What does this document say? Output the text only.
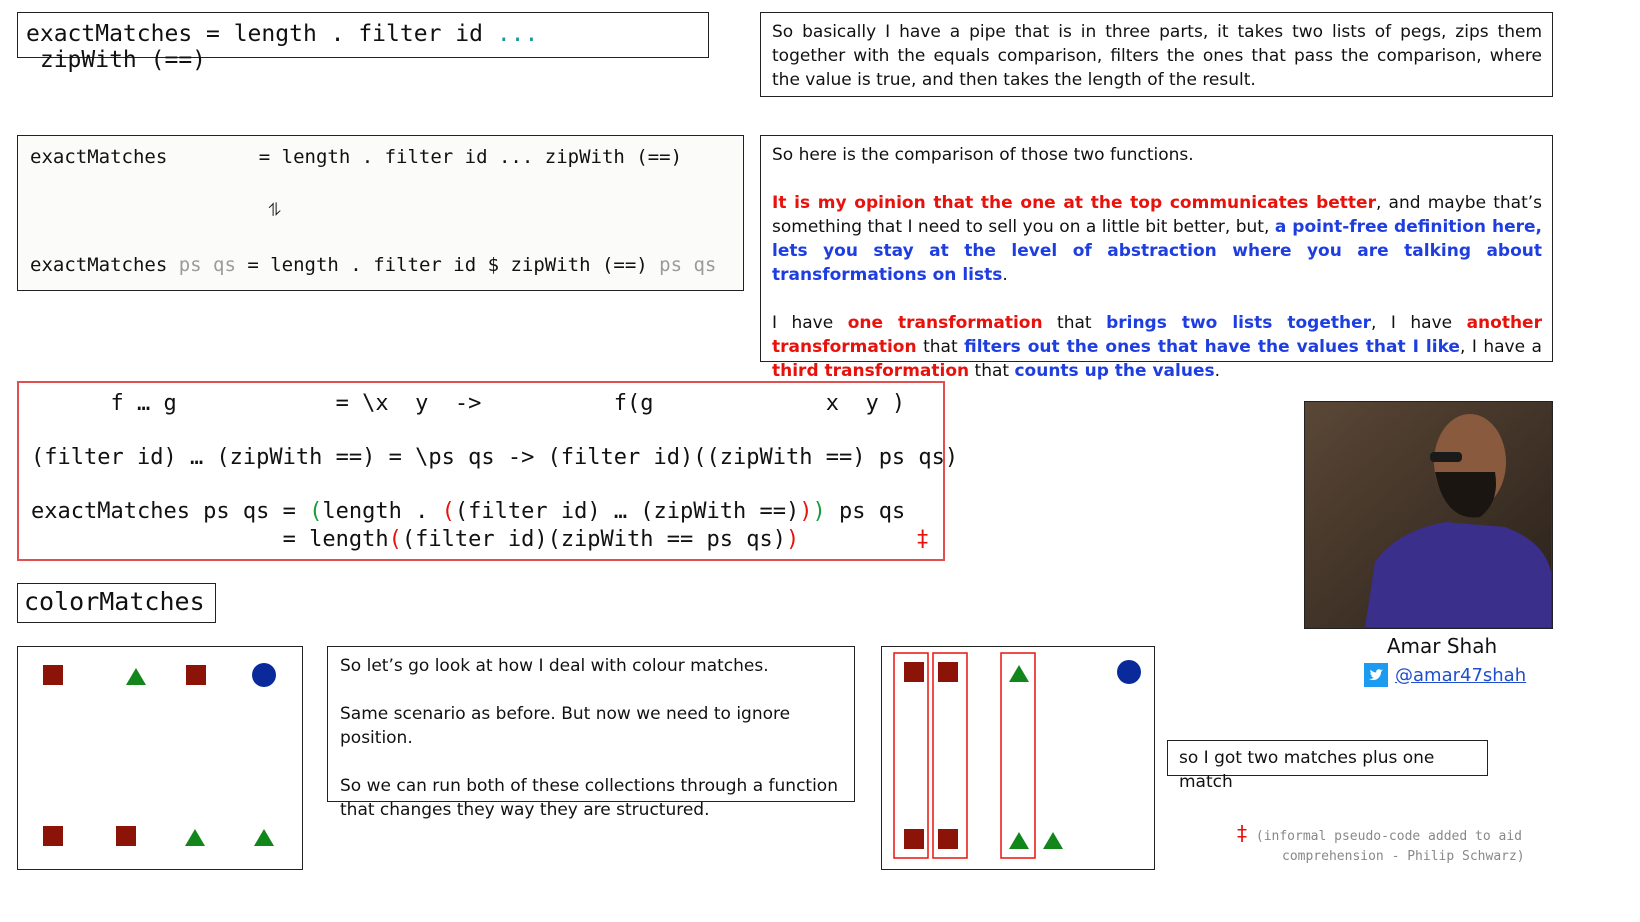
exactMatches = length . filter id ... zipWith (==)
So basically I have a pipe that is in three parts, it takes two lists of pegs, zips them together with the equals comparison, filters the ones that pass the comparison, where the value is true, and then takes the length of the result.
exactMatches        = length . filter id ... zipWith (==)
⥮
exactMatches ps qs = length . filter id $ zipWith (==) ps qs
So here is the comparison of those two functions.
It is my opinion that the one at the top communicates better, and maybe that’s something that I need to sell you on a little bit better, but, a point-free definition here, lets you stay at the level of abstraction where you are talking about transformations on lists.
I have one transformation that brings two lists together, I have another transformation that filters out the ones that have the values that I like, I have a third transformation that counts up the values.
f … g            = \x  y  ->          f(g             x  y )
(filter id) … (zipWith ==) = \ps qs -> (filter id)((zipWith ==) ps qs)
exactMatches ps qs = (length . ((filter id) … (zipWith ==))) ps qs
= length((filter id)(zipWith == ps qs))	‡
colorMatches
So let’s go look at how I deal with colour matches.
Same scenario as before. But now we need to ignore position.
So we can run both of these collections through a function that changes they way they are structured.
so I got two matches plus one match
Amar Shah
@amar47shah
‡ (informal pseudo-code added to aid
comprehension - Philip Schwarz)
